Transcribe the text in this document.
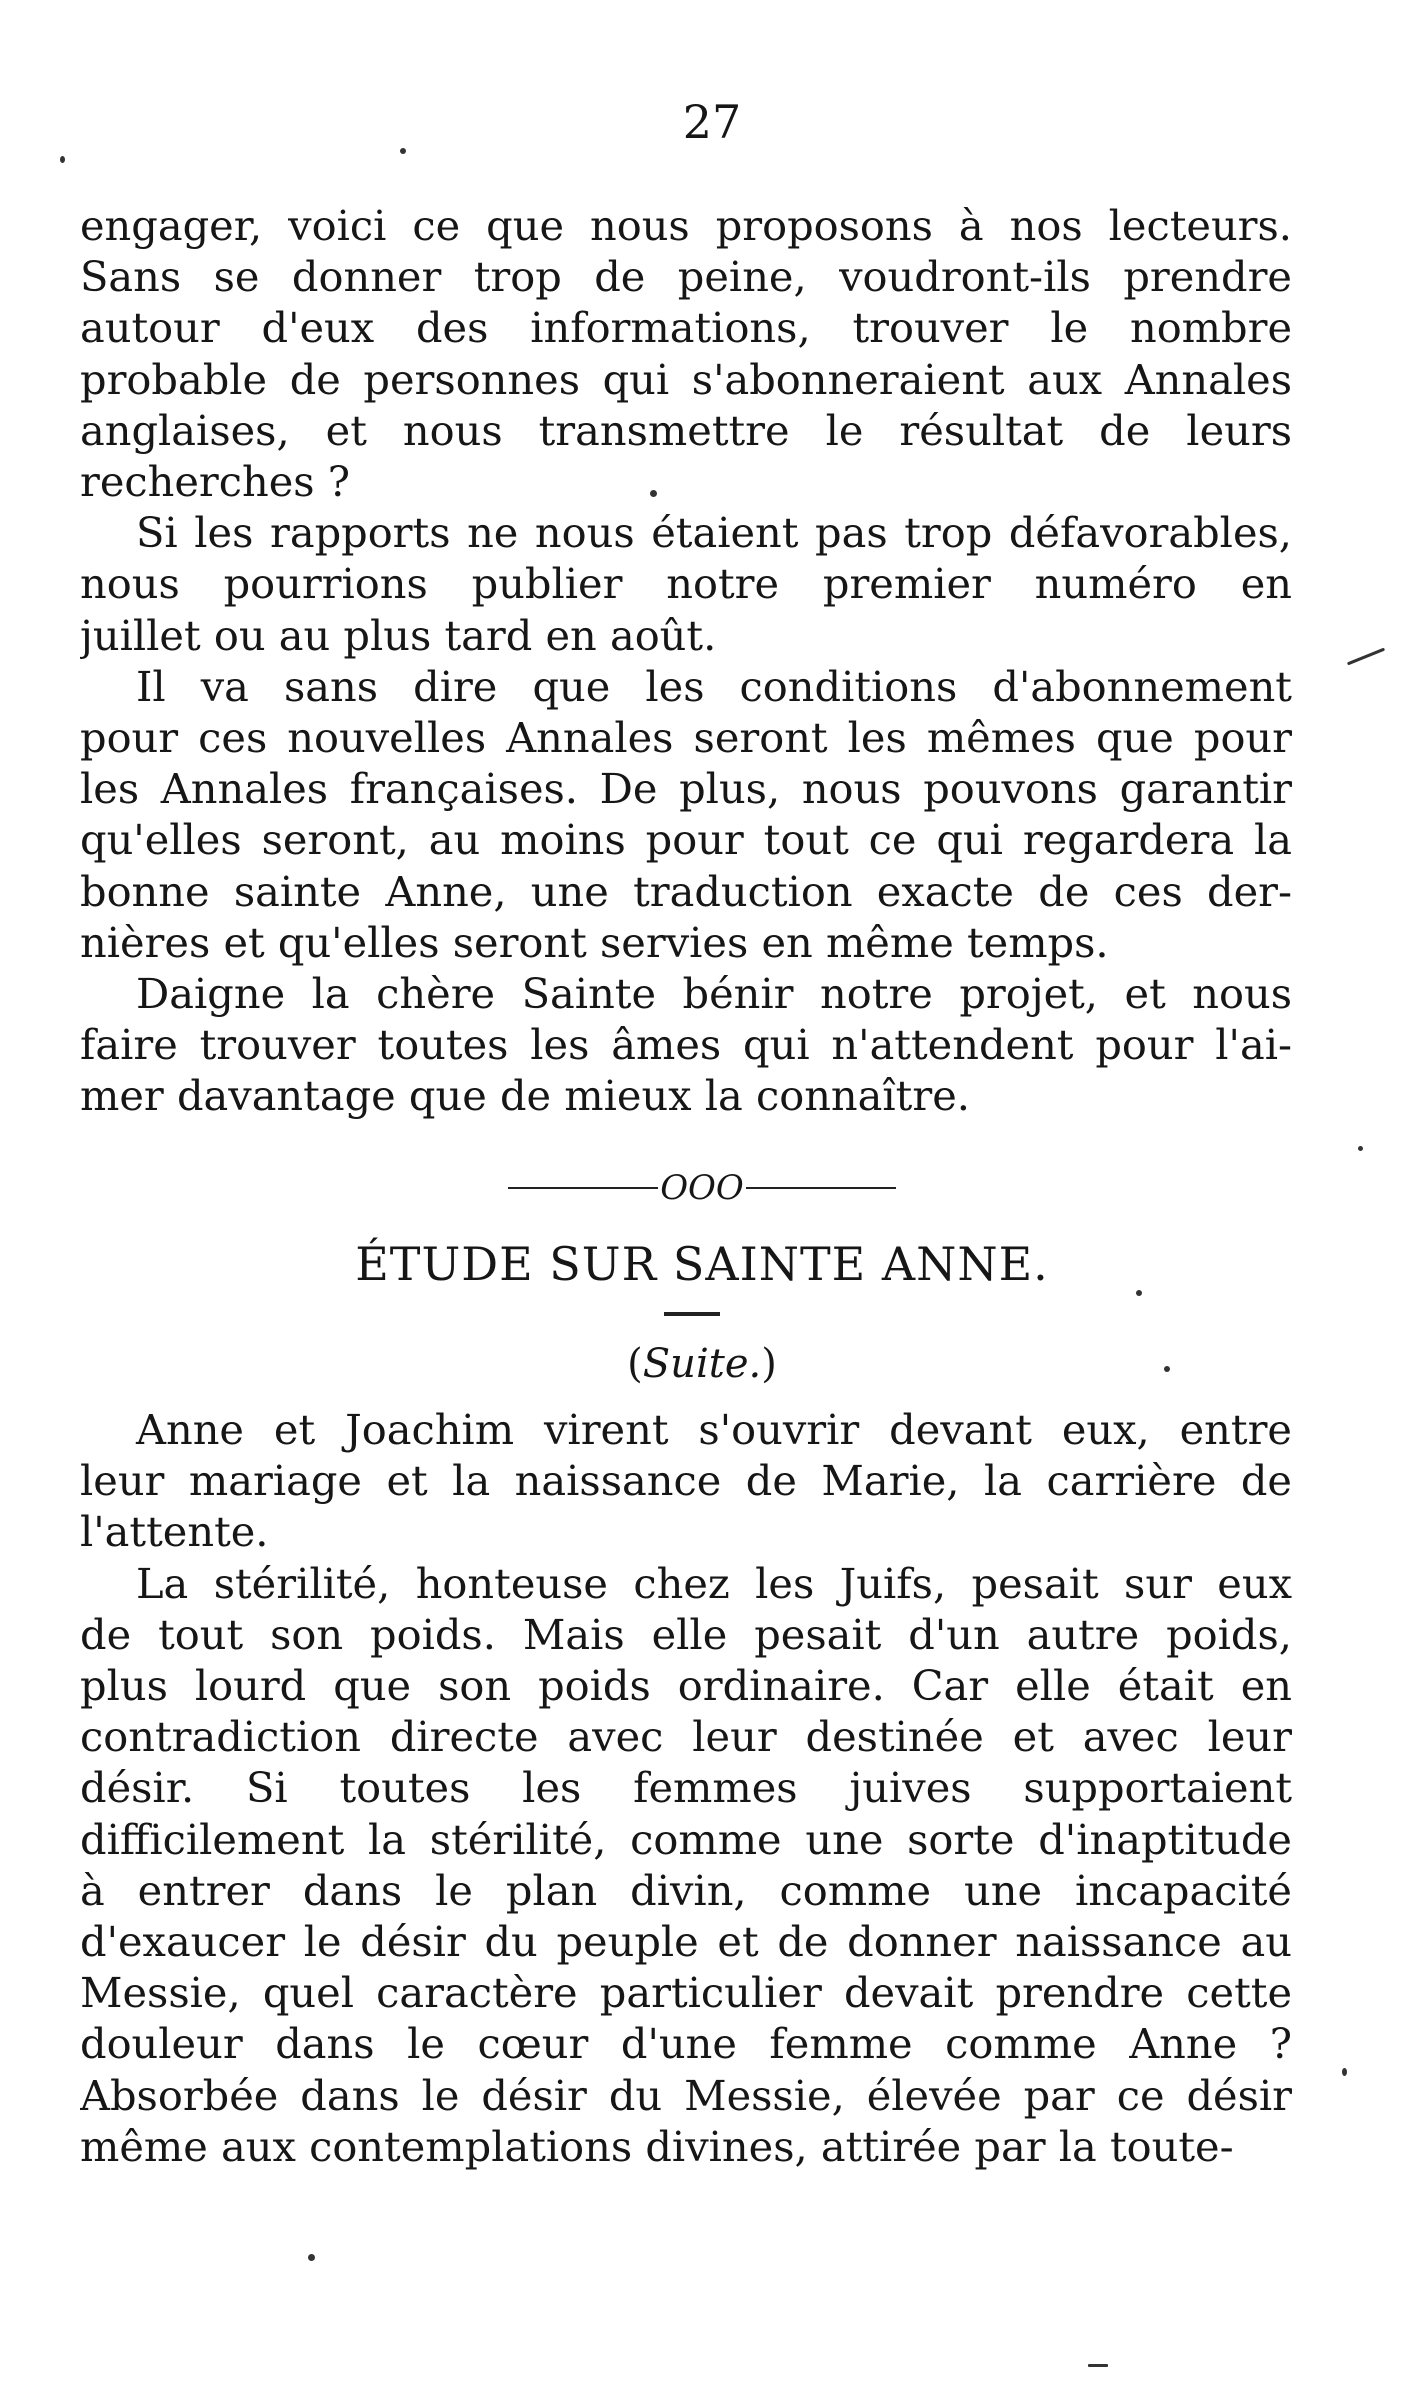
27
engager, voici ce que nous proposons à nos lecteurs.
Sans se donner trop de peine, voudront-ils prendre
autour d'eux des informations, trouver le nombre
probable de personnes qui s'abonneraient aux Annales
anglaises, et nous transmettre le résultat de leurs
recherches ?
Si les rapports ne nous étaient pas trop défavorables,
nous pourrions publier notre premier numéro en
juillet ou au plus tard en août.
Il va sans dire que les conditions d'abonnement
pour ces nouvelles Annales seront les mêmes que pour
les Annales françaises. De plus, nous pouvons garantir
qu'elles seront, au moins pour tout ce qui regardera la
bonne sainte Anne, une traduction exacte de ces der-
nières et qu'elles seront servies en même temps.
Daigne la chère Sainte bénir notre projet, et nous
faire trouver toutes les âmes qui n'attendent pour l'ai-
mer davantage que de mieux la connaître.
OOO
ÉTUDE SUR SAINTE ANNE.
(Suite.)
Anne et Joachim virent s'ouvrir devant eux, entre
leur mariage et la naissance de Marie, la carrière de
l'attente.
La stérilité, honteuse chez les Juifs, pesait sur eux
de tout son poids. Mais elle pesait d'un autre poids,
plus lourd que son poids ordinaire. Car elle était en
contradiction directe avec leur destinée et avec leur
désir. Si toutes les femmes juives supportaient
difficilement la stérilité, comme une sorte d'inaptitude
à entrer dans le plan divin, comme une incapacité
d'exaucer le désir du peuple et de donner naissance au
Messie, quel caractère particulier devait prendre cette
douleur dans le cœur d'une femme comme Anne ?
Absorbée dans le désir du Messie, élevée par ce désir
même aux contemplations divines, attirée par la toute-
